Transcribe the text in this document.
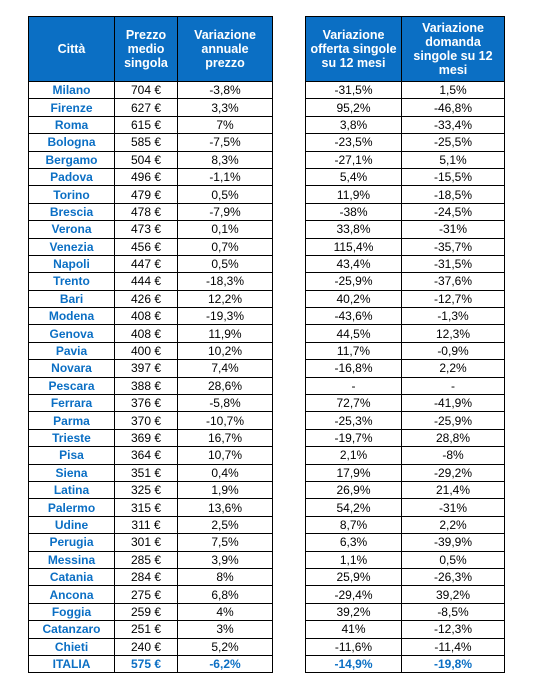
Città	Prezzo medio singola	Variazione annuale prezzo
Milano	704 €	-3,8%
Firenze	627 €	3,3%
Roma	615 €	7%
Bologna	585 €	-7,5%
Bergamo	504 €	8,3%
Padova	496 €	-1,1%
Torino	479 €	0,5%
Brescia	478 €	-7,9%
Verona	473 €	0,1%
Venezia	456 €	0,7%
Napoli	447 €	0,5%
Trento	444 €	-18,3%
Bari	426 €	12,2%
Modena	408 €	-19,3%
Genova	408 €	11,9%
Pavia	400 €	10,2%
Novara	397 €	7,4%
Pescara	388 €	28,6%
Ferrara	376 €	-5,8%
Parma	370 €	-10,7%
Trieste	369 €	16,7%
Pisa	364 €	10,7%
Siena	351 €	0,4%
Latina	325 €	1,9%
Palermo	315 €	13,6%
Udine	311 €	2,5%
Perugia	301 €	7,5%
Messina	285 €	3,9%
Catania	284 €	8%
Ancona	275 €	6,8%
Foggia	259 €	4%
Catanzaro	251 €	3%
Chieti	240 €	5,2%
ITALIA	575 €	-6,2%
Variazione offerta singole su 12 mesi	Variazione domanda singole su 12 mesi
-31,5%	1,5%
95,2%	-46,8%
3,8%	-33,4%
-23,5%	-25,5%
-27,1%	5,1%
5,4%	-15,5%
11,9%	-18,5%
-38%	-24,5%
33,8%	-31%
115,4%	-35,7%
43,4%	-31,5%
-25,9%	-37,6%
40,2%	-12,7%
-43,6%	-1,3%
44,5%	12,3%
11,7%	-0,9%
-16,8%	2,2%
-	-
72,7%	-41,9%
-25,3%	-25,9%
-19,7%	28,8%
2,1%	-8%
17,9%	-29,2%
26,9%	21,4%
54,2%	-31%
8,7%	2,2%
6,3%	-39,9%
1,1%	0,5%
25,9%	-26,3%
-29,4%	39,2%
39,2%	-8,5%
41%	-12,3%
-11,6%	-11,4%
-14,9%	-19,8%
